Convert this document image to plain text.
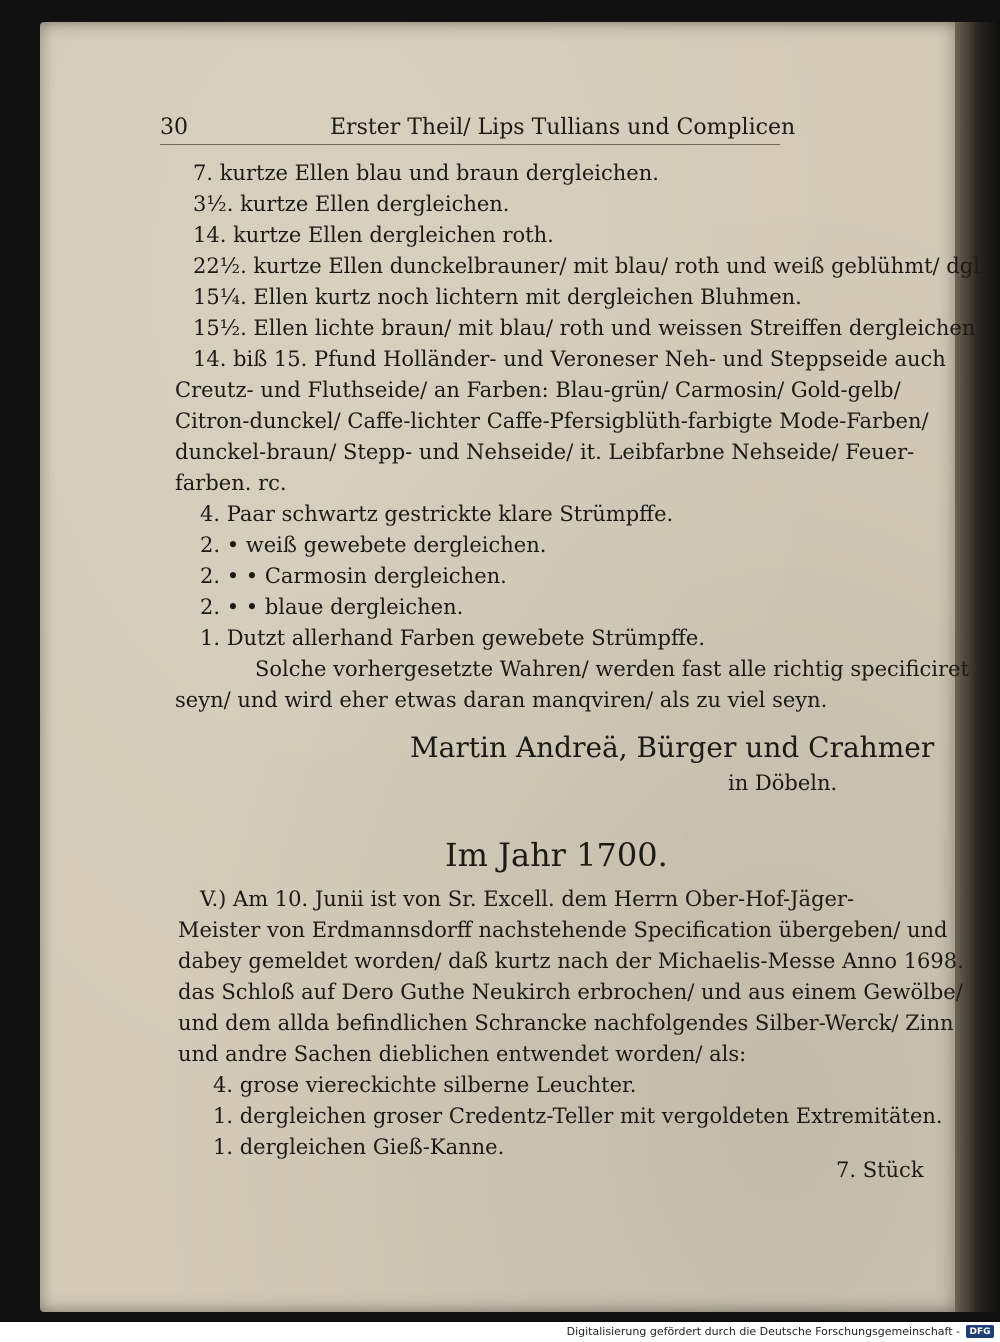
30	Erster Theil/ Lips Tullians und Complicen
7. kurtze Ellen blau und braun dergleichen.
3½. kurtze Ellen dergleichen.
14. kurtze Ellen dergleichen roth.
22½. kurtze Ellen dunckelbrauner/ mit blau/ roth und weiß geblühmt/ dgl.
15¼. Ellen kurtz noch lichtern mit dergleichen Bluhmen.
15½. Ellen lichte braun/ mit blau/ roth und weissen Streiffen dergleichen
14. biß 15. Pfund Holländer- und Veroneser Neh- und Steppseide auch
Creutz- und Fluthseide/ an Farben: Blau-grün/ Carmosin/ Gold-gelb/
Citron-dunckel/ Caffe-lichter Caffe-Pfersigblüth-farbigte Mode-Farben/
dunckel-braun/ Stepp- und Nehseide/ it. Leibfarbne Nehseide/ Feuer-
farben. rc.
4. Paar schwartz gestrickte klare Strümpffe.
2. • weiß gewebete dergleichen.
2. • • Carmosin dergleichen.
2. • • blaue dergleichen.
1. Dutzt allerhand Farben gewebete Strümpffe.
Solche vorhergesetzte Wahren/ werden fast alle richtig specificiret
seyn/ und wird eher etwas daran manqviren/ als zu viel seyn.
Martin Andreä, Bürger und Crahmer
in Döbeln.
Im Jahr 1700.
V.) Am 10. Junii ist von Sr. Excell. dem Herrn Ober-Hof-Jäger-
Meister von Erdmannsdorff nachstehende Specification übergeben/ und
dabey gemeldet worden/ daß kurtz nach der Michaelis-Messe Anno 1698.
das Schloß auf Dero Guthe Neukirch erbrochen/ und aus einem Gewölbe/
und dem allda befindlichen Schrancke nachfolgendes Silber-Werck/ Zinn
und andre Sachen dieblichen entwendet worden/ als:
4. grose viereckichte silberne Leuchter.
1. dergleichen groser Credentz-Teller mit vergoldeten Extremitäten.
1. dergleichen Gieß-Kanne.
7. Stück
Digitalisierung gefördert durch die Deutsche Forschungsgemeinschaft -	DFG
